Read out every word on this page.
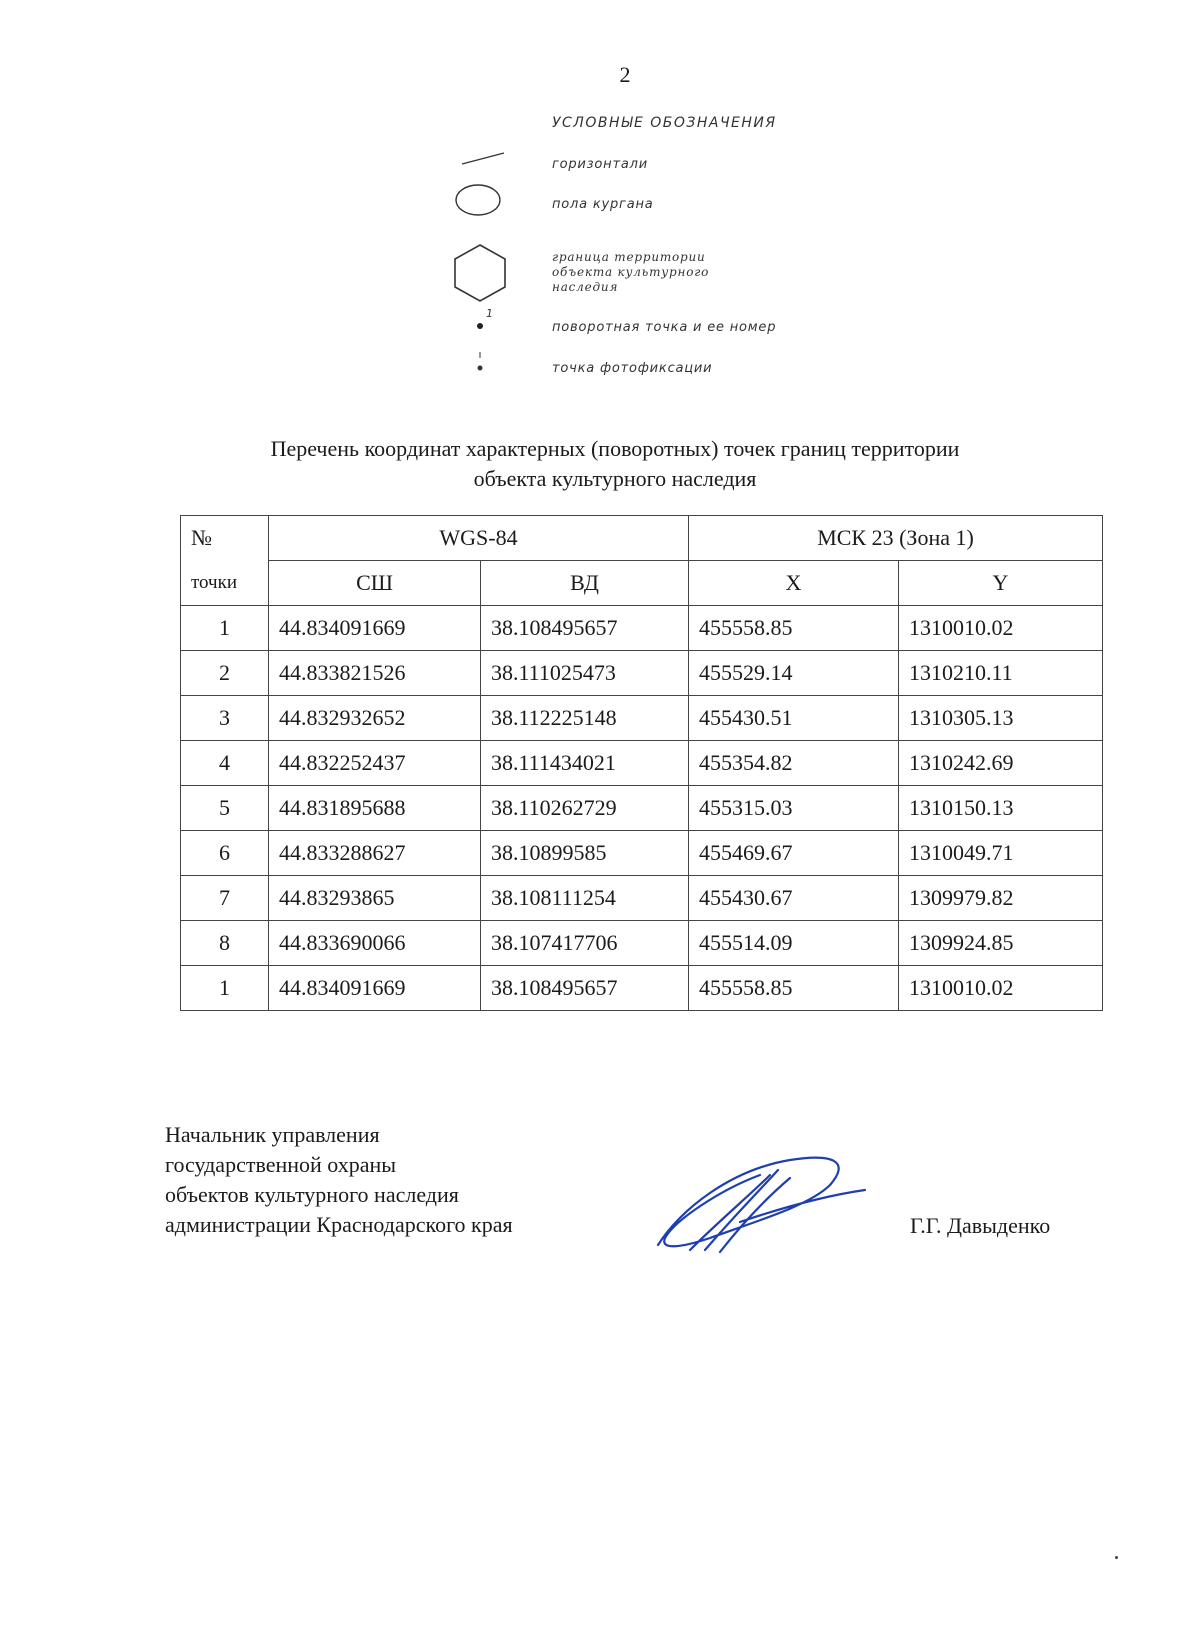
2
УСЛОВНЫЕ ОБОЗНАЧЕНИЯ
горизонтали
пола кургана
граница территории
объекта культурного
наследия
1
поворотная точка и ее номер
точка фотофиксации
Перечень координат характерных (поворотных) точек границ территории
объекта культурного наследия
№	WGS-84		МСК 23 (Зона 1)	
точки	СШ	ВД	X	Y
1	44.834091669	38.108495657	455558.85	1310010.02
2	44.833821526	38.111025473	455529.14	1310210.11
3	44.832932652	38.112225148	455430.51	1310305.13
4	44.832252437	38.111434021	455354.82	1310242.69
5	44.831895688	38.110262729	455315.03	1310150.13
6	44.833288627	38.10899585	455469.67	1310049.71
7	44.83293865	38.108111254	455430.67	1309979.82
8	44.833690066	38.107417706	455514.09	1309924.85
1	44.834091669	38.108495657	455558.85	1310010.02
Начальник управления
государственной охраны
объектов культурного наследия
администрации Краснодарского края	Г.Г. Давыденко
